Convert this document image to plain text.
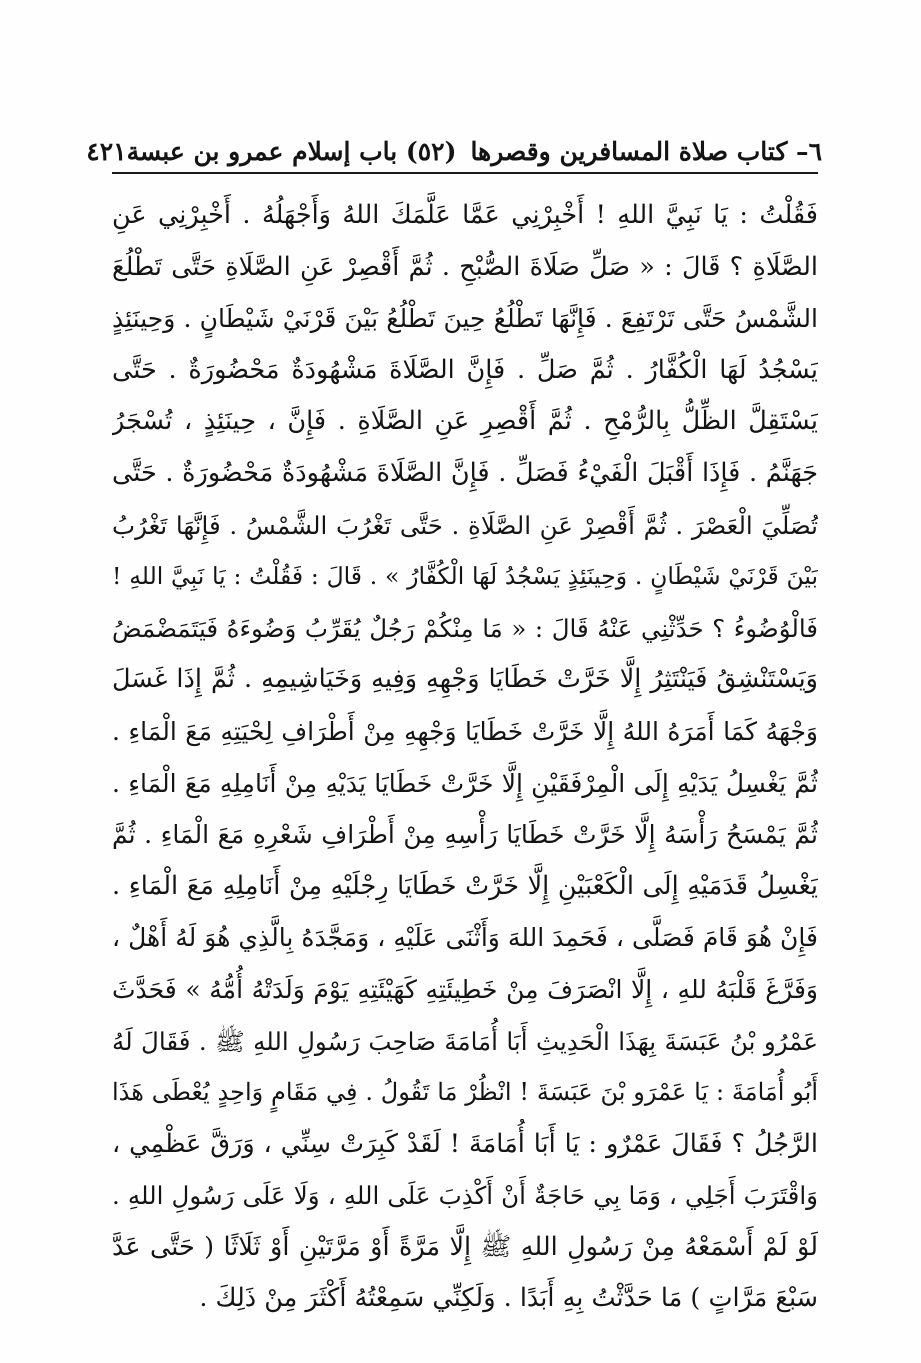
٦– كتاب صلاة المسافرين وقصرها(٥٢) باب إسلام عمرو بن عبسة
٤٢١
فَقُلْتُ : يَا نَبِيَّ اللهِ ! أَخْبِرْنِي عَمَّا عَلَّمَكَ اللهُ وَأَجْهَلُهُ . أَخْبِرْنِي عَنِ
الصَّلَاةِ ؟ قَالَ : « صَلِّ صَلَاةَ الصُّبْحِ . ثُمَّ أَقْصِرْ عَنِ الصَّلَاةِ حَتَّى تَطْلُعَ
الشَّمْسُ حَتَّى تَرْتَفِعَ . فَإِنَّهَا تَطْلُعُ حِينَ تَطْلُعُ بَيْنَ قَرْنَيْ شَيْطَانٍ . وَحِينَئِذٍ
يَسْجُدُ لَهَا الْكُفَّارُ . ثُمَّ صَلِّ . فَإِنَّ الصَّلَاةَ مَشْهُودَةٌ مَحْضُورَةٌ . حَتَّى
يَسْتَقِلَّ الظِّلُّ بِالرُّمْحِ . ثُمَّ أَقْصِرِ عَنِ الصَّلَاةِ . فَإِنَّ ، حِينَئِذٍ ، تُسْجَرُ
جَهَنَّمُ . فَإِذَا أَقْبَلَ الْفَيْءُ فَصَلِّ . فَإِنَّ الصَّلَاةَ مَشْهُودَةٌ مَحْضُورَةٌ . حَتَّى
تُصَلِّيَ الْعَصْرَ . ثُمَّ أَقْصِرْ عَنِ الصَّلَاةِ . حَتَّى تَغْرُبَ الشَّمْسُ . فَإِنَّهَا تَغْرُبُ
بَيْنَ قَرْنَيْ شَيْطَانٍ . وَحِينَئِذٍ يَسْجُدُ لَهَا الْكُفَّارُ » . قَالَ : فَقُلْتُ : يَا نَبِيَّ اللهِ !
فَالْوُضُوءُ ؟ حَدِّثْنِي عَنْهُ قَالَ : « مَا مِنْكُمْ رَجُلٌ يُقَرِّبُ وَضُوءَهُ فَيَتَمَضْمَضُ
وَيَسْتَنْشِقُ فَيَنْتَثِرُ إِلَّا خَرَّتْ خَطَايَا وَجْهِهِ وَفِيهِ وَخَيَاشِيمِهِ . ثُمَّ إِذَا غَسَلَ
وَجْهَهُ كَمَا أَمَرَهُ اللهُ إِلَّا خَرَّتْ خَطَايَا وَجْهِهِ مِنْ أَطْرَافِ لِحْيَتِهِ مَعَ الْمَاءِ .
ثُمَّ يَغْسِلُ يَدَيْهِ إِلَى الْمِرْفَقَيْنِ إِلَّا خَرَّتْ خَطَايَا يَدَيْهِ مِنْ أَنَامِلِهِ مَعَ الْمَاءِ .
ثُمَّ يَمْسَحُ رَأْسَهُ إِلَّا خَرَّتْ خَطَايَا رَأْسِهِ مِنْ أَطْرَافِ شَعْرِهِ مَعَ الْمَاءِ . ثُمَّ
يَغْسِلُ قَدَمَيْهِ إِلَى الْكَعْبَيْنِ إِلَّا خَرَّتْ خَطَايَا رِجْلَيْهِ مِنْ أَنَامِلِهِ مَعَ الْمَاءِ .
فَإِنْ هُوَ قَامَ فَصَلَّى ، فَحَمِدَ اللهَ وَأَثْنَى عَلَيْهِ ، وَمَجَّدَهُ بِالَّذِي هُوَ لَهُ أَهْلٌ ،
وَفَرَّغَ قَلْبَهُ للهِ ، إِلَّا انْصَرَفَ مِنْ خَطِيئَتِهِ كَهَيْئَتِهِ يَوْمَ وَلَدَتْهُ أُمُّهُ » فَحَدَّثَ
عَمْرُو بْنُ عَبَسَةَ بِهَذَا الْحَدِيثِ أَبَا أُمَامَةَ صَاحِبَ رَسُولِ اللهِ ﷺ . فَقَالَ لَهُ
أَبُو أُمَامَةَ : يَا عَمْرَو بْنَ عَبَسَةَ ! انْظُرْ مَا تَقُولُ . فِي مَقَامٍ وَاحِدٍ يُعْطَى هَذَا
الرَّجُلُ ؟ فَقَالَ عَمْرٌو : يَا أَبَا أُمَامَةَ ! لَقَدْ كَبِرَتْ سِنِّي ، وَرَقَّ عَظْمِي ،
وَاقْتَرَبَ أَجَلِي ، وَمَا بِي حَاجَةٌ أَنْ أَكْذِبَ عَلَى اللهِ ، وَلَا عَلَى رَسُولِ اللهِ .
لَوْ لَمْ أَسْمَعْهُ مِنْ رَسُولِ اللهِ ﷺ إِلَّا مَرَّةً أَوْ مَرَّتَيْنِ أَوْ ثَلَاثًا ( حَتَّى عَدَّ
سَبْعَ مَرَّاتٍ ) مَا حَدَّثْتُ بِهِ أَبَدًا . وَلَكِنِّي سَمِعْتُهُ أَكْثَرَ مِنْ ذَلِكَ .
